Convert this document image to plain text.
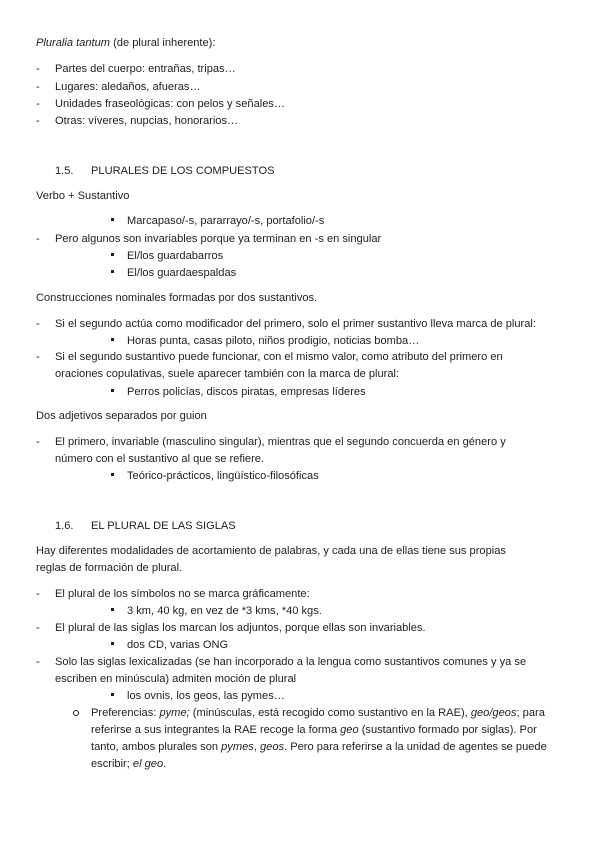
Pluralia tantum (de plural inherente):
- Partes del cuerpo: entrañas, tripas…
- Lugares: aledaños, afueras…
- Unidades fraseológicas: con pelos y señales…
- Otras: víveres, nupcias, honorarios…
1.5. PLURALES DE LOS COMPUESTOS
Verbo + Sustantivo
Marcapaso/-s, pararrayo/-s, portafolio/-s
- Pero algunos son invariables porque ya terminan en -s en singular
El/los guardabarros
El/los guardaespaldas
Construcciones nominales formadas por dos sustantivos.
- Si el segundo actúa como modificador del primero, solo el primer sustantivo lleva marca de plural:
Horas punta, casas piloto, niños prodigio, noticias bomba…
- Si el segundo sustantivo puede funcionar, con el mismo valor, como atributo del primero en
oraciones copulativas, suele aparecer también con la marca de plural:
Perros policías, discos piratas, empresas líderes
Dos adjetivos separados por guion
- El primero, invariable (masculino singular), mientras que el segundo concuerda en género y
número con el sustantivo al que se refiere.
Teórico-prácticos, lingüístico-filosóficas
1.6. EL PLURAL DE LAS SIGLAS
Hay diferentes modalidades de acortamiento de palabras, y cada una de ellas tiene sus propias
reglas de formación de plural.
- El plural de los símbolos no se marca gráficamente:
3 km, 40 kg, en vez de *3 kms, *40 kgs.
- El plural de las siglas los marcan los adjuntos, porque ellas son invariables.
dos CD, varias ONG
- Solo las siglas lexicalizadas (se han incorporado a la lengua como sustantivos comunes y ya se
escriben en minúscula) admiten moción de plural
los ovnis, los geos, las pymes…
Preferencias: pyme; (minúsculas, está recogido como sustantivo en la RAE), geo/geos; para
referirse a sus integrantes la RAE recoge la forma geo (sustantivo formado por siglas). Por
tanto, ambos plurales son pymes, geos. Pero para referirse a la unidad de agentes se puede
escribir; el geo.
